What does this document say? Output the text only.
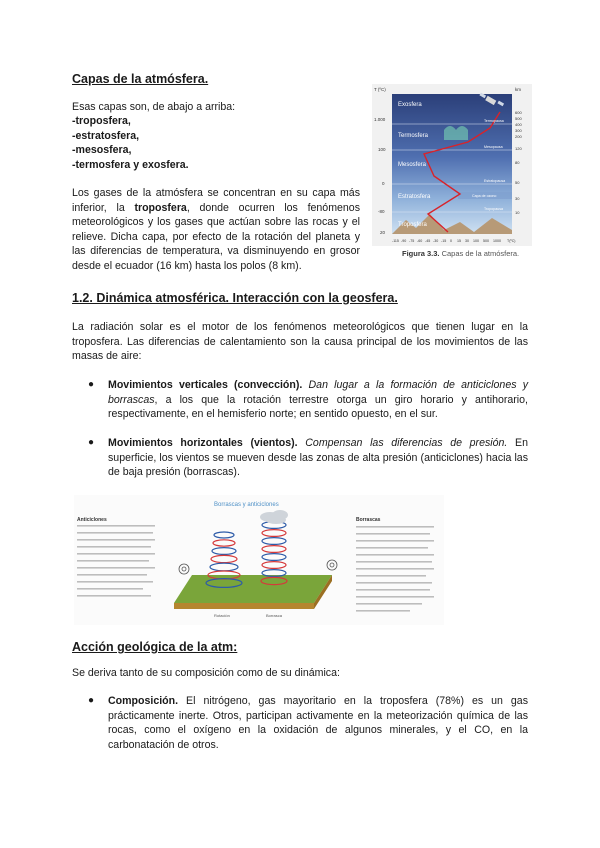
Capas de la atmósfera.
Esas capas son, de abajo a arriba:
-troposfera,
-estratosfera,
-mesosfera,
-termosfera y exosfera.
Los gases de la atmósfera se concentran en su capa más inferior, la troposfera, donde ocurren los fenómenos meteorológicos y los gases que actúan sobre las rocas y el relieve. Dicha capa, por efecto de la rotación del planeta y las diferencias de temperatura, va disminuyendo en grosor desde el ecuador (16 km) hasta los polos (8 km).
Exosfera
Termosfera
Mesosfera
Estratosfera
Troposfera
Termopausa
Mesopausa
Estratopausa
Capa de ozono
Tropopausa
T (ºC)
1.000
100
0
-80
20
km
600
500
400
300
200
120
80
50
30
10
-115 -90 -75 -60 -45 -30 -15 0 15 30 100 500 1000 T(ºC)
Figura 3.3. Capas de la atmósfera.
1.2. Dinámica atmosférica. Interacción con la geosfera.
La radiación solar es el motor de los fenómenos meteorológicos que tienen lugar en la troposfera. Las diferencias de calentamiento son la causa principal de los movimientos de las masas de aire:
● Movimientos verticales (convección). Dan lugar a la formación de anticiclones y borrascas, a los que la rotación terrestre otorga un giro horario y antihorario, respectivamente, en el hemisferio norte; en sentido opuesto, en el sur.
● Movimientos horizontales (vientos). Compensan las diferencias de presión. En superficie, los vientos se mueven desde las zonas de alta presión (anticiclones) hacia las de baja presión (borrascas).
Borrascas y anticiclones
Anticiclones	Borrascas
Rotación	Borrasca
Acción geológica de la atm:
Se deriva tanto de su composición como de su dinámica:
● Composición. El nitrógeno, gas mayoritario en la troposfera (78%) es un gas prácticamente inerte. Otros, participan activamente en la meteorización química de las rocas, como el oxígeno en la oxidación de algunos minerales, y el CO, en la carbonatación de otros.
